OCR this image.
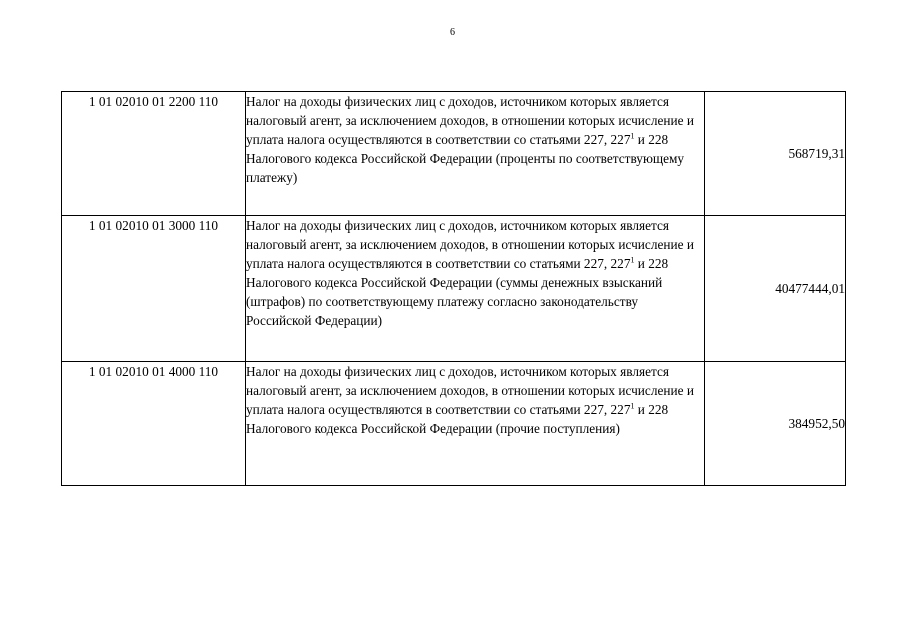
6
1 01 02010 01 2200 110	Налог на доходы физических лиц с доходов, источником которых является налоговый агент, за исключением доходов, в отношении которых исчисление и уплата налога осуществляются в соответствии со статьями 227, $227^1$ и 228 Налогового кодекса Российской Федерации (проценты по соответствующему платежу)	568719,31
1 01 02010 01 3000 110	Налог на доходы физических лиц с доходов, источником которых является налоговый агент, за исключением доходов, в отношении которых исчисление и уплата налога осуществляются в соответствии со статьями 227, $227^1$ и 228 Налогового кодекса Российской Федерации (суммы денежных взысканий (штрафов) по соответствующему платежу согласно законодательству Российской Федерации)	40477444,01
1 01 02010 01 4000 110	Налог на доходы физических лиц с доходов, источником которых является налоговый агент, за исключением доходов, в отношении которых исчисление и уплата налога осуществляются в соответствии со статьями 227, $227^1$ и 228 Налогового кодекса Российской Федерации (прочие поступления)	384952,50
